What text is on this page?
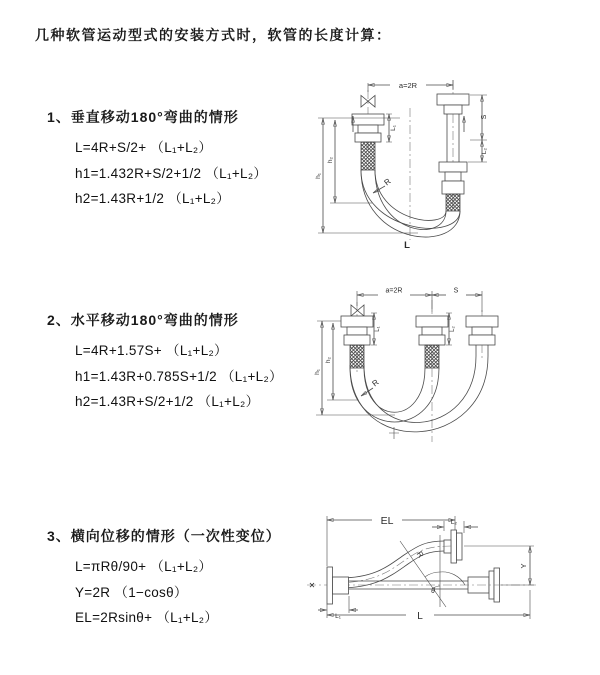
几种软管运动型式的安装方式时，软管的长度计算：

1、垂直移动180°弯曲的情形

L=4R+S/2+ （L₁+L₂）
h1=1.432R+S/2+1/2 （L₁+L₂）
h2=1.43R+1/2 （L₁+L₂）

2、水平移动180°弯曲的情形

L=4R+1.57S+ （L₁+L₂）
h1=1.43R+0.785S+1/2 （L₁+L₂）
h2=1.43R+S/2+1/2 （L₁+L₂）

3、横向位移的情形（一次性变位）

L=πRθ/90+ （L₁+L₂）
Y=2R （1−cosθ）
EL=2Rsinθ+ （L₁+L₂）
a=2R
L₁
h₁
h₂
R
S
L₂
L
a=2R	S
L₁	L₂
h₁
h₂
R
EL	L₂
✕
L₁
Y
L
R
θ
